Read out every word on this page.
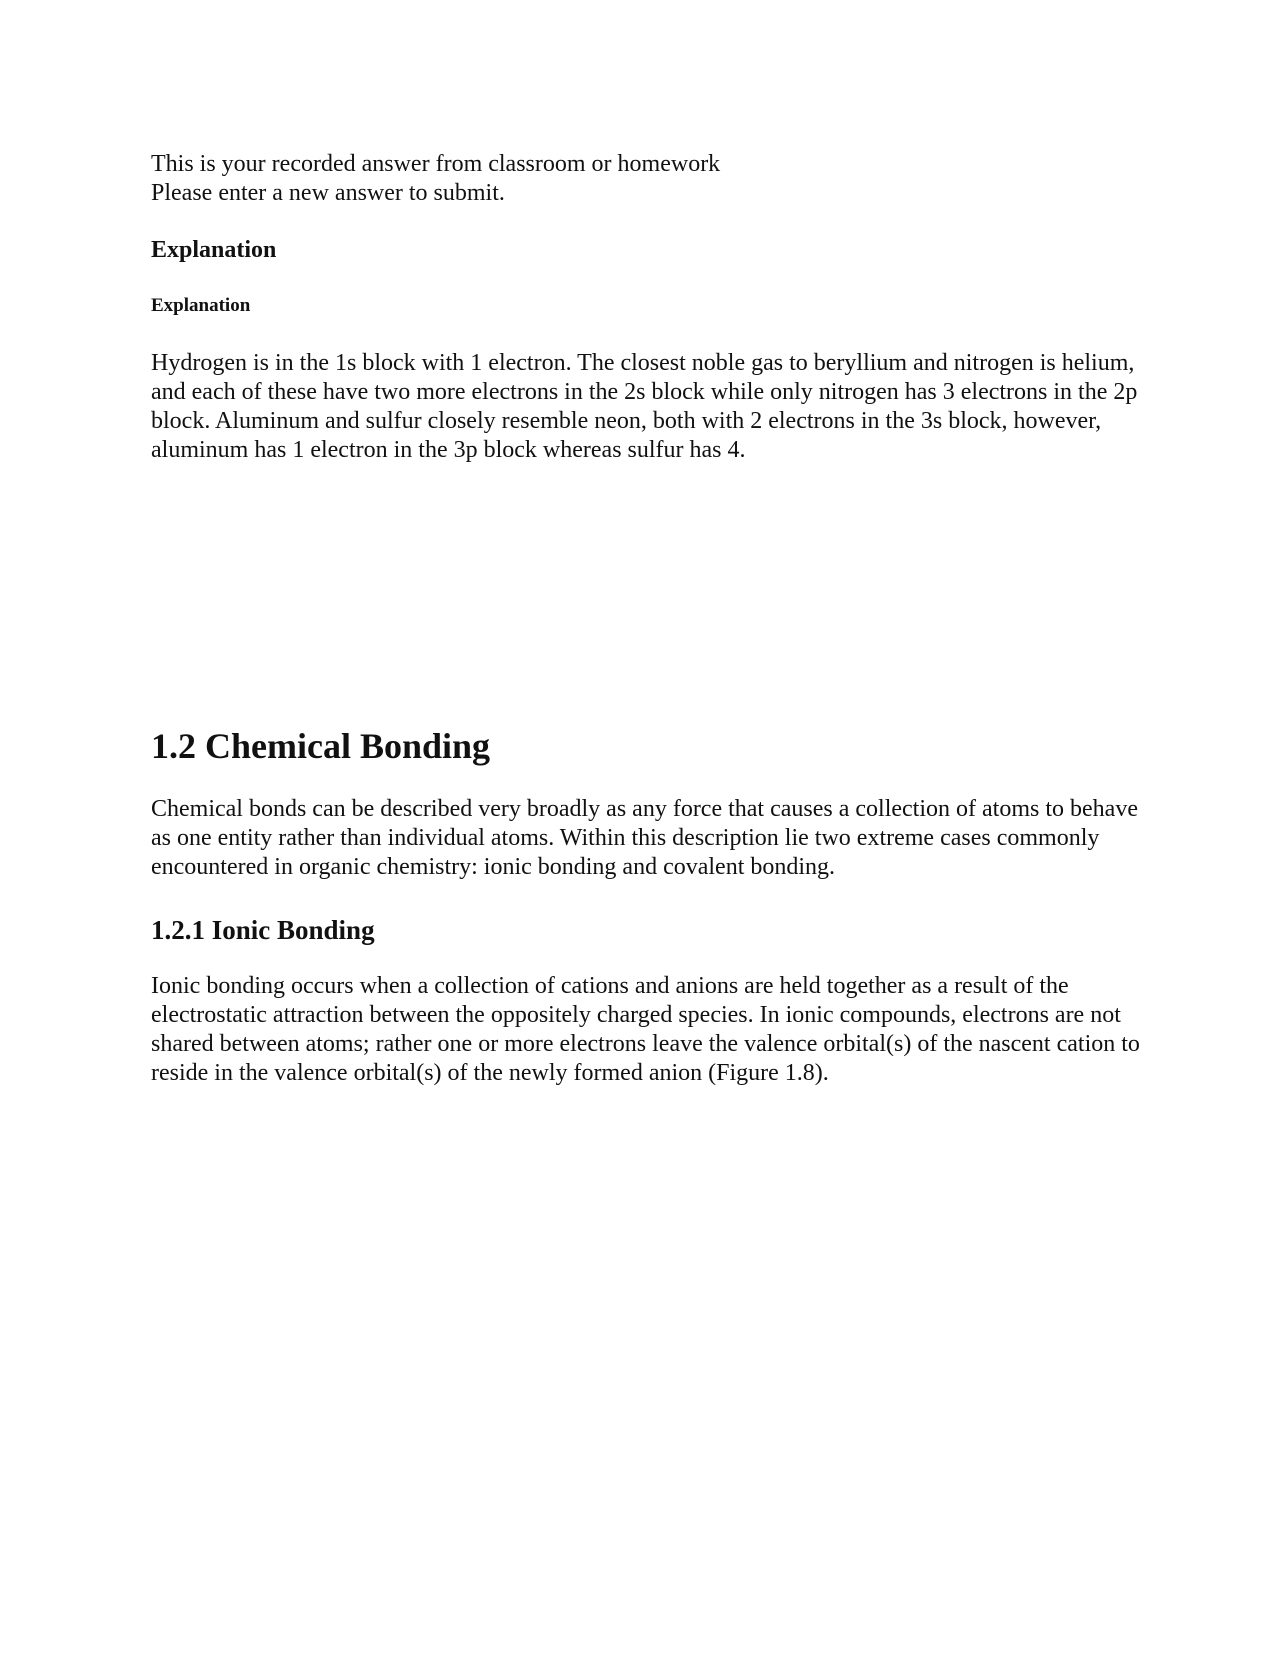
This is your recorded answer from classroom or homework
Please enter a new answer to submit.
Explanation
Explanation

Hydrogen is in the 1s block with 1 electron. The closest noble gas to beryllium and nitrogen is helium, and each of these have two more electrons in the 2s block while only nitrogen has 3 electrons in the 2p block. Aluminum and sulfur closely resemble neon, both with 2 electrons in the 3s block, however, aluminum has 1 electron in the 3p block whereas sulfur has 4.

1.2 Chemical Bonding

Chemical bonds can be described very broadly as any force that causes a collection of atoms to behave as one entity rather than individual atoms. Within this description lie two extreme cases commonly encountered in organic chemistry: ionic bonding and covalent bonding.

1.2.1 Ionic Bonding

Ionic bonding occurs when a collection of cations and anions are held together as a result of the electrostatic attraction between the oppositely charged species. In ionic compounds, electrons are not shared between atoms; rather one or more electrons leave the valence orbital(s) of the nascent cation to reside in the valence orbital(s) of the newly formed anion (Figure 1.8).
